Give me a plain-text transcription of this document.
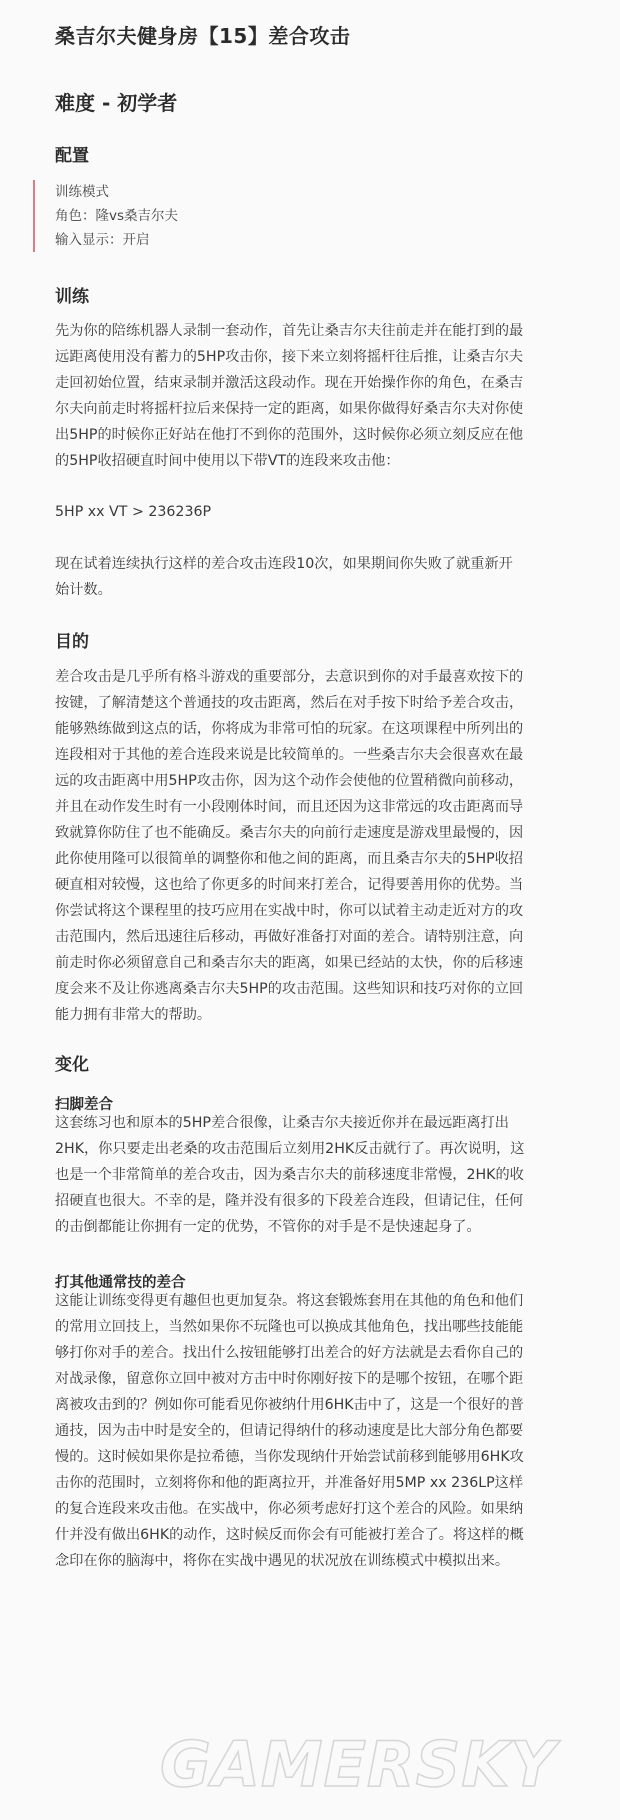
桑吉尔夫健身房【15】差合攻击
难度 - 初学者
配置
训练模式
角色：隆vs桑吉尔夫
输入显示：开启
训练
先为你的陪练机器人录制一套动作，首先让桑吉尔夫往前走并在能打到的最
远距离使用没有蓄力的5HP攻击你，接下来立刻将摇杆往后推，让桑吉尔夫
走回初始位置，结束录制并激活这段动作。现在开始操作你的角色，在桑吉
尔夫向前走时将摇杆拉后来保持一定的距离，如果你做得好桑吉尔夫对你使
出5HP的时候你正好站在他打不到你的范围外，这时候你必须立刻反应在他
的5HP收招硬直时间中使用以下带VT的连段来攻击他：
5HP xx VT > 236236P
现在试着连续执行这样的差合攻击连段10次，如果期间你失败了就重新开
始计数。
目的
差合攻击是几乎所有格斗游戏的重要部分，去意识到你的对手最喜欢按下的
按键，了解清楚这个普通技的攻击距离，然后在对手按下时给予差合攻击，
能够熟练做到这点的话，你将成为非常可怕的玩家。在这项课程中所列出的
连段相对于其他的差合连段来说是比较简单的。一些桑吉尔夫会很喜欢在最
远的攻击距离中用5HP攻击你，因为这个动作会使他的位置稍微向前移动，
并且在动作发生时有一小段刚体时间，而且还因为这非常远的攻击距离而导
致就算你防住了也不能确反。桑吉尔夫的向前行走速度是游戏里最慢的，因
此你使用隆可以很简单的调整你和他之间的距离，而且桑吉尔夫的5HP收招
硬直相对较慢，这也给了你更多的时间来打差合，记得要善用你的优势。当
你尝试将这个课程里的技巧应用在实战中时，你可以试着主动走近对方的攻
击范围内，然后迅速往后移动，再做好准备打对面的差合。请特别注意，向
前走时你必须留意自己和桑吉尔夫的距离，如果已经站的太快，你的后移速
度会来不及让你逃离桑吉尔夫5HP的攻击范围。这些知识和技巧对你的立回
能力拥有非常大的帮助。
变化
扫脚差合
这套练习也和原本的5HP差合很像，让桑吉尔夫接近你并在最远距离打出
2HK，你只要走出老桑的攻击范围后立刻用2HK反击就行了。再次说明，这
也是一个非常简单的差合攻击，因为桑吉尔夫的前移速度非常慢，2HK的收
招硬直也很大。不幸的是，隆并没有很多的下段差合连段，但请记住，任何
的击倒都能让你拥有一定的优势，不管你的对手是不是快速起身了。
打其他通常技的差合
这能让训练变得更有趣但也更加复杂。将这套锻炼套用在其他的角色和他们
的常用立回技上，当然如果你不玩隆也可以换成其他角色，找出哪些技能能
够打你对手的差合。找出什么按钮能够打出差合的好方法就是去看你自己的
对战录像，留意你立回中被对方击中时你刚好按下的是哪个按钮，在哪个距
离被攻击到的？例如你可能看见你被纳什用6HK击中了，这是一个很好的普
通技，因为击中时是安全的，但请记得纳什的移动速度是比大部分角色都要
慢的。这时候如果你是拉希德，当你发现纳什开始尝试前移到能够用6HK攻
击你的范围时，立刻将你和他的距离拉开，并准备好用5MP xx 236LP这样
的复合连段来攻击他。在实战中，你必须考虑好打这个差合的风险。如果纳
什并没有做出6HK的动作，这时候反而你会有可能被打差合了。将这样的概
念印在你的脑海中，将你在实战中遇见的状况放在训练模式中模拟出来。
GAMERSKY
